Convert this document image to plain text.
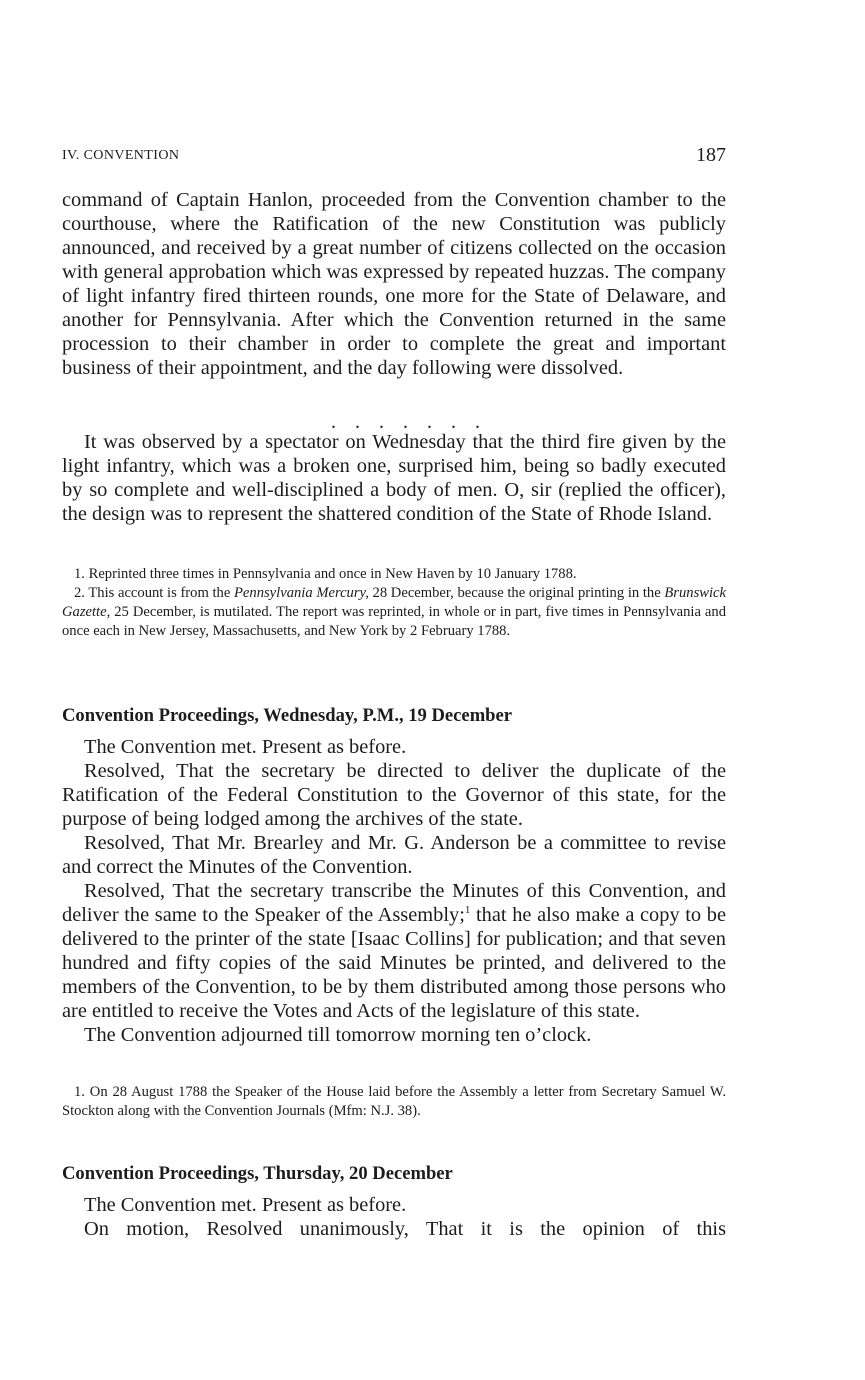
IV. CONVENTION	187

command of Captain Hanlon, proceeded from the Convention chamber to the courthouse, where the Ratification of the new Constitution was publicly announced, and received by a great number of citizens collected on the occasion with general approbation which was expressed by repeated huzzas. The company of light infantry fired thirteen rounds, one more for the State of Delaware, and another for Pennsylvania. After which the Convention returned in the same procession to their chamber in order to complete the great and important business of their appointment, and the day following were dissolved.

. . . . . . .

It was observed by a spectator on Wednesday that the third fire given by the light infantry, which was a broken one, surprised him, being so badly executed by so complete and well-disciplined a body of men. O, sir (replied the officer), the design was to represent the shattered condition of the State of Rhode Island.

1. Reprinted three times in Pennsylvania and once in New Haven by 10 January 1788.

2. This account is from the Pennsylvania Mercury, 28 December, because the original printing in the Brunswick Gazette, 25 December, is mutilated. The report was reprinted, in whole or in part, five times in Pennsylvania and once each in New Jersey, Massachusetts, and New York by 2 February 1788.

Convention Proceedings, Wednesday, P.M., 19 December

The Convention met. Present as before.

Resolved, That the secretary be directed to deliver the duplicate of the Ratification of the Federal Constitution to the Governor of this state, for the purpose of being lodged among the archives of the state.

Resolved, That Mr. Brearley and Mr. G. Anderson be a committee to revise and correct the Minutes of the Convention.

Resolved, That the secretary transcribe the Minutes of this Convention, and deliver the same to the Speaker of the Assembly;$^1$ that he also make a copy to be delivered to the printer of the state [Isaac Collins] for publication; and that seven hundred and fifty copies of the said Minutes be printed, and delivered to the members of the Convention, to be by them distributed among those persons who are entitled to receive the Votes and Acts of the legislature of this state.

The Convention adjourned till tomorrow morning ten o’clock.

1. On 28 August 1788 the Speaker of the House laid before the Assembly a letter from Secretary Samuel W. Stockton along with the Convention Journals (Mfm: N.J. 38).

Convention Proceedings, Thursday, 20 December

The Convention met. Present as before.

On motion, Resolved unanimously, That it is the opinion of this
